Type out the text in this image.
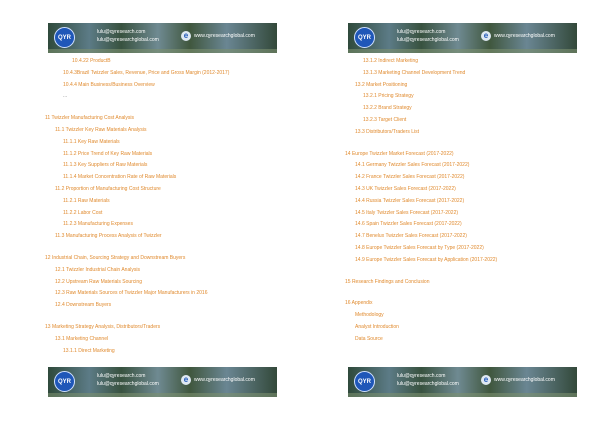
QYR
lulu@qyresearch.com
lulu@qyresearchglobal.com	e	www.qyresearchglobal.com
10.4.22 ProductB
10.4.3Brazil Twizzler Sales, Revenue, Price and Gross Margin (2012-2017)
10.4.4 Main Business/Business Overview
...
11 Twizzler Manufacturing Cost Analysis
11.1 Twizzler Key Raw Materials Analysis
11.1.1 Key Raw Materials
11.1.2 Price Trend of Key Raw Materials
11.1.3 Key Suppliers of Raw Materials
11.1.4 Market Concentration Rate of Raw Materials
11.2 Proportion of Manufacturing Cost Structure
11.2.1 Raw Materials
11.2.2 Labor Cost
11.2.3 Manufacturing Expenses
11.3 Manufacturing Process Analysis of Twizzler
12 Industrial Chain, Sourcing Strategy and Downstream Buyers
12.1 Twizzler Industrial Chain Analysis
12.2 Upstream Raw Materials Sourcing
12.3 Raw Materials Sources of Twizzler Major Manufacturers in 2016
12.4 Downstream Buyers
13 Marketing Strategy Analysis, Distributors/Traders
13.1 Marketing Channel
13.1.1 Direct Marketing
QYR
lulu@qyresearch.com
lulu@qyresearchglobal.com	e	www.qyresearchglobal.com
QYR
lulu@qyresearch.com
lulu@qyresearchglobal.com	e	www.qyresearchglobal.com
13.1.2 Indirect Marketing
13.1.3 Marketing Channel Development Trend
13.2 Market Positioning
13.2.1 Pricing Strategy
13.2.2 Brand Strategy
13.2.3 Target Client
13.3 Distributors/Traders List
14 Europe Twizzler Market Forecast (2017-2022)
14.1 Germany Twizzler Sales Forecast (2017-2022)
14.2 France Twizzler Sales Forecast (2017-2022)
14.3 UK Twizzler Sales Forecast (2017-2022)
14.4 Russia Twizzler Sales Forecast (2017-2022)
14.5 Italy Twizzler Sales Forecast (2017-2022)
14.6 Spain Twizzler Sales Forecast (2017-2022)
14.7 Benelux Twizzler Sales Forecast (2017-2022)
14.8 Europe Twizzler Sales Forecast by Type (2017-2022)
14.9 Europe Twizzler Sales Forecast by Application (2017-2022)
15 Research Findings and Conclusion
16 Appendix
Methodology
Analyst Introduction
Data Source
QYR
lulu@qyresearch.com
lulu@qyresearchglobal.com	e	www.qyresearchglobal.com
